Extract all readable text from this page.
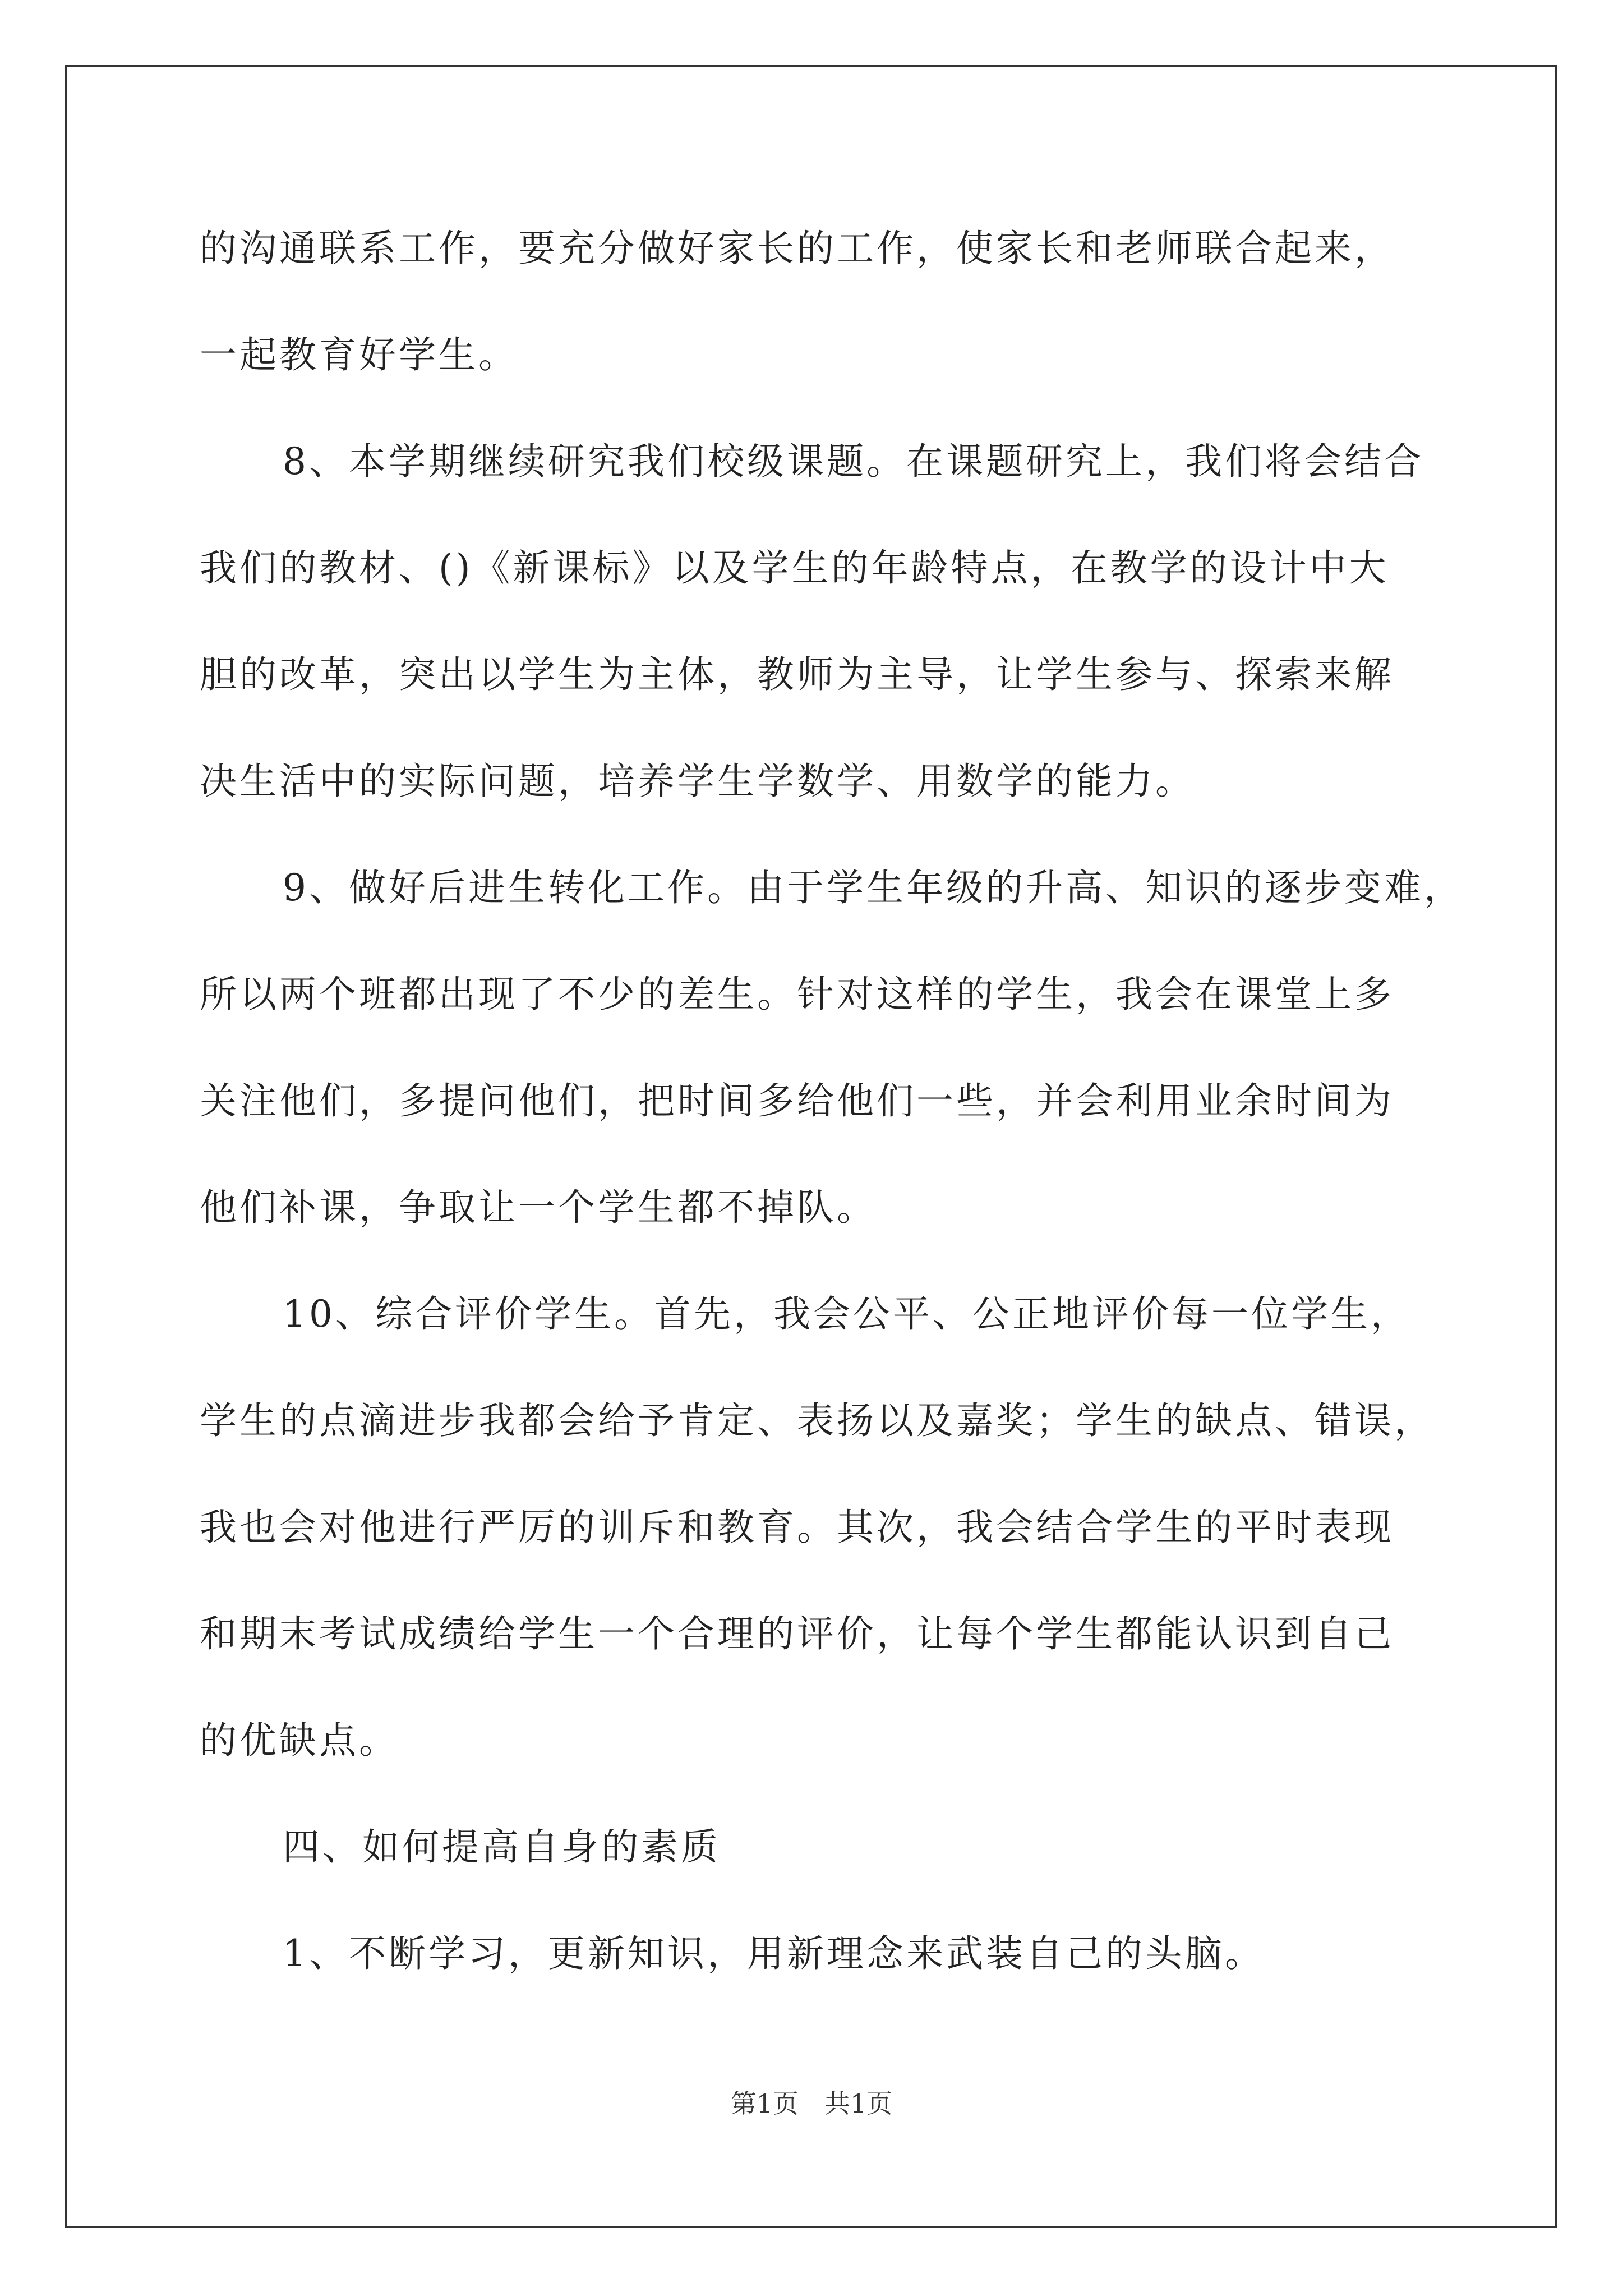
的沟通联系工作，要充分做好家长的工作，使家长和老师联合起来，
一起教育好学生。
8、本学期继续研究我们校级课题。在课题研究上，我们将会结合
我们的教材、()《新课标》以及学生的年龄特点，在教学的设计中大
胆的改革，突出以学生为主体，教师为主导，让学生参与、探索来解
决生活中的实际问题，培养学生学数学、用数学的能力。
9、做好后进生转化工作。由于学生年级的升高、知识的逐步变难，
所以两个班都出现了不少的差生。针对这样的学生，我会在课堂上多
关注他们，多提问他们，把时间多给他们一些，并会利用业余时间为
他们补课，争取让一个学生都不掉队。
10、综合评价学生。首先，我会公平、公正地评价每一位学生，
学生的点滴进步我都会给予肯定、表扬以及嘉奖；学生的缺点、错误，
我也会对他进行严厉的训斥和教育。其次，我会结合学生的平时表现
和期末考试成绩给学生一个合理的评价，让每个学生都能认识到自己
的优缺点。
四、如何提高自身的素质
1、不断学习，更新知识，用新理念来武装自己的头脑。
第1页　共1页
